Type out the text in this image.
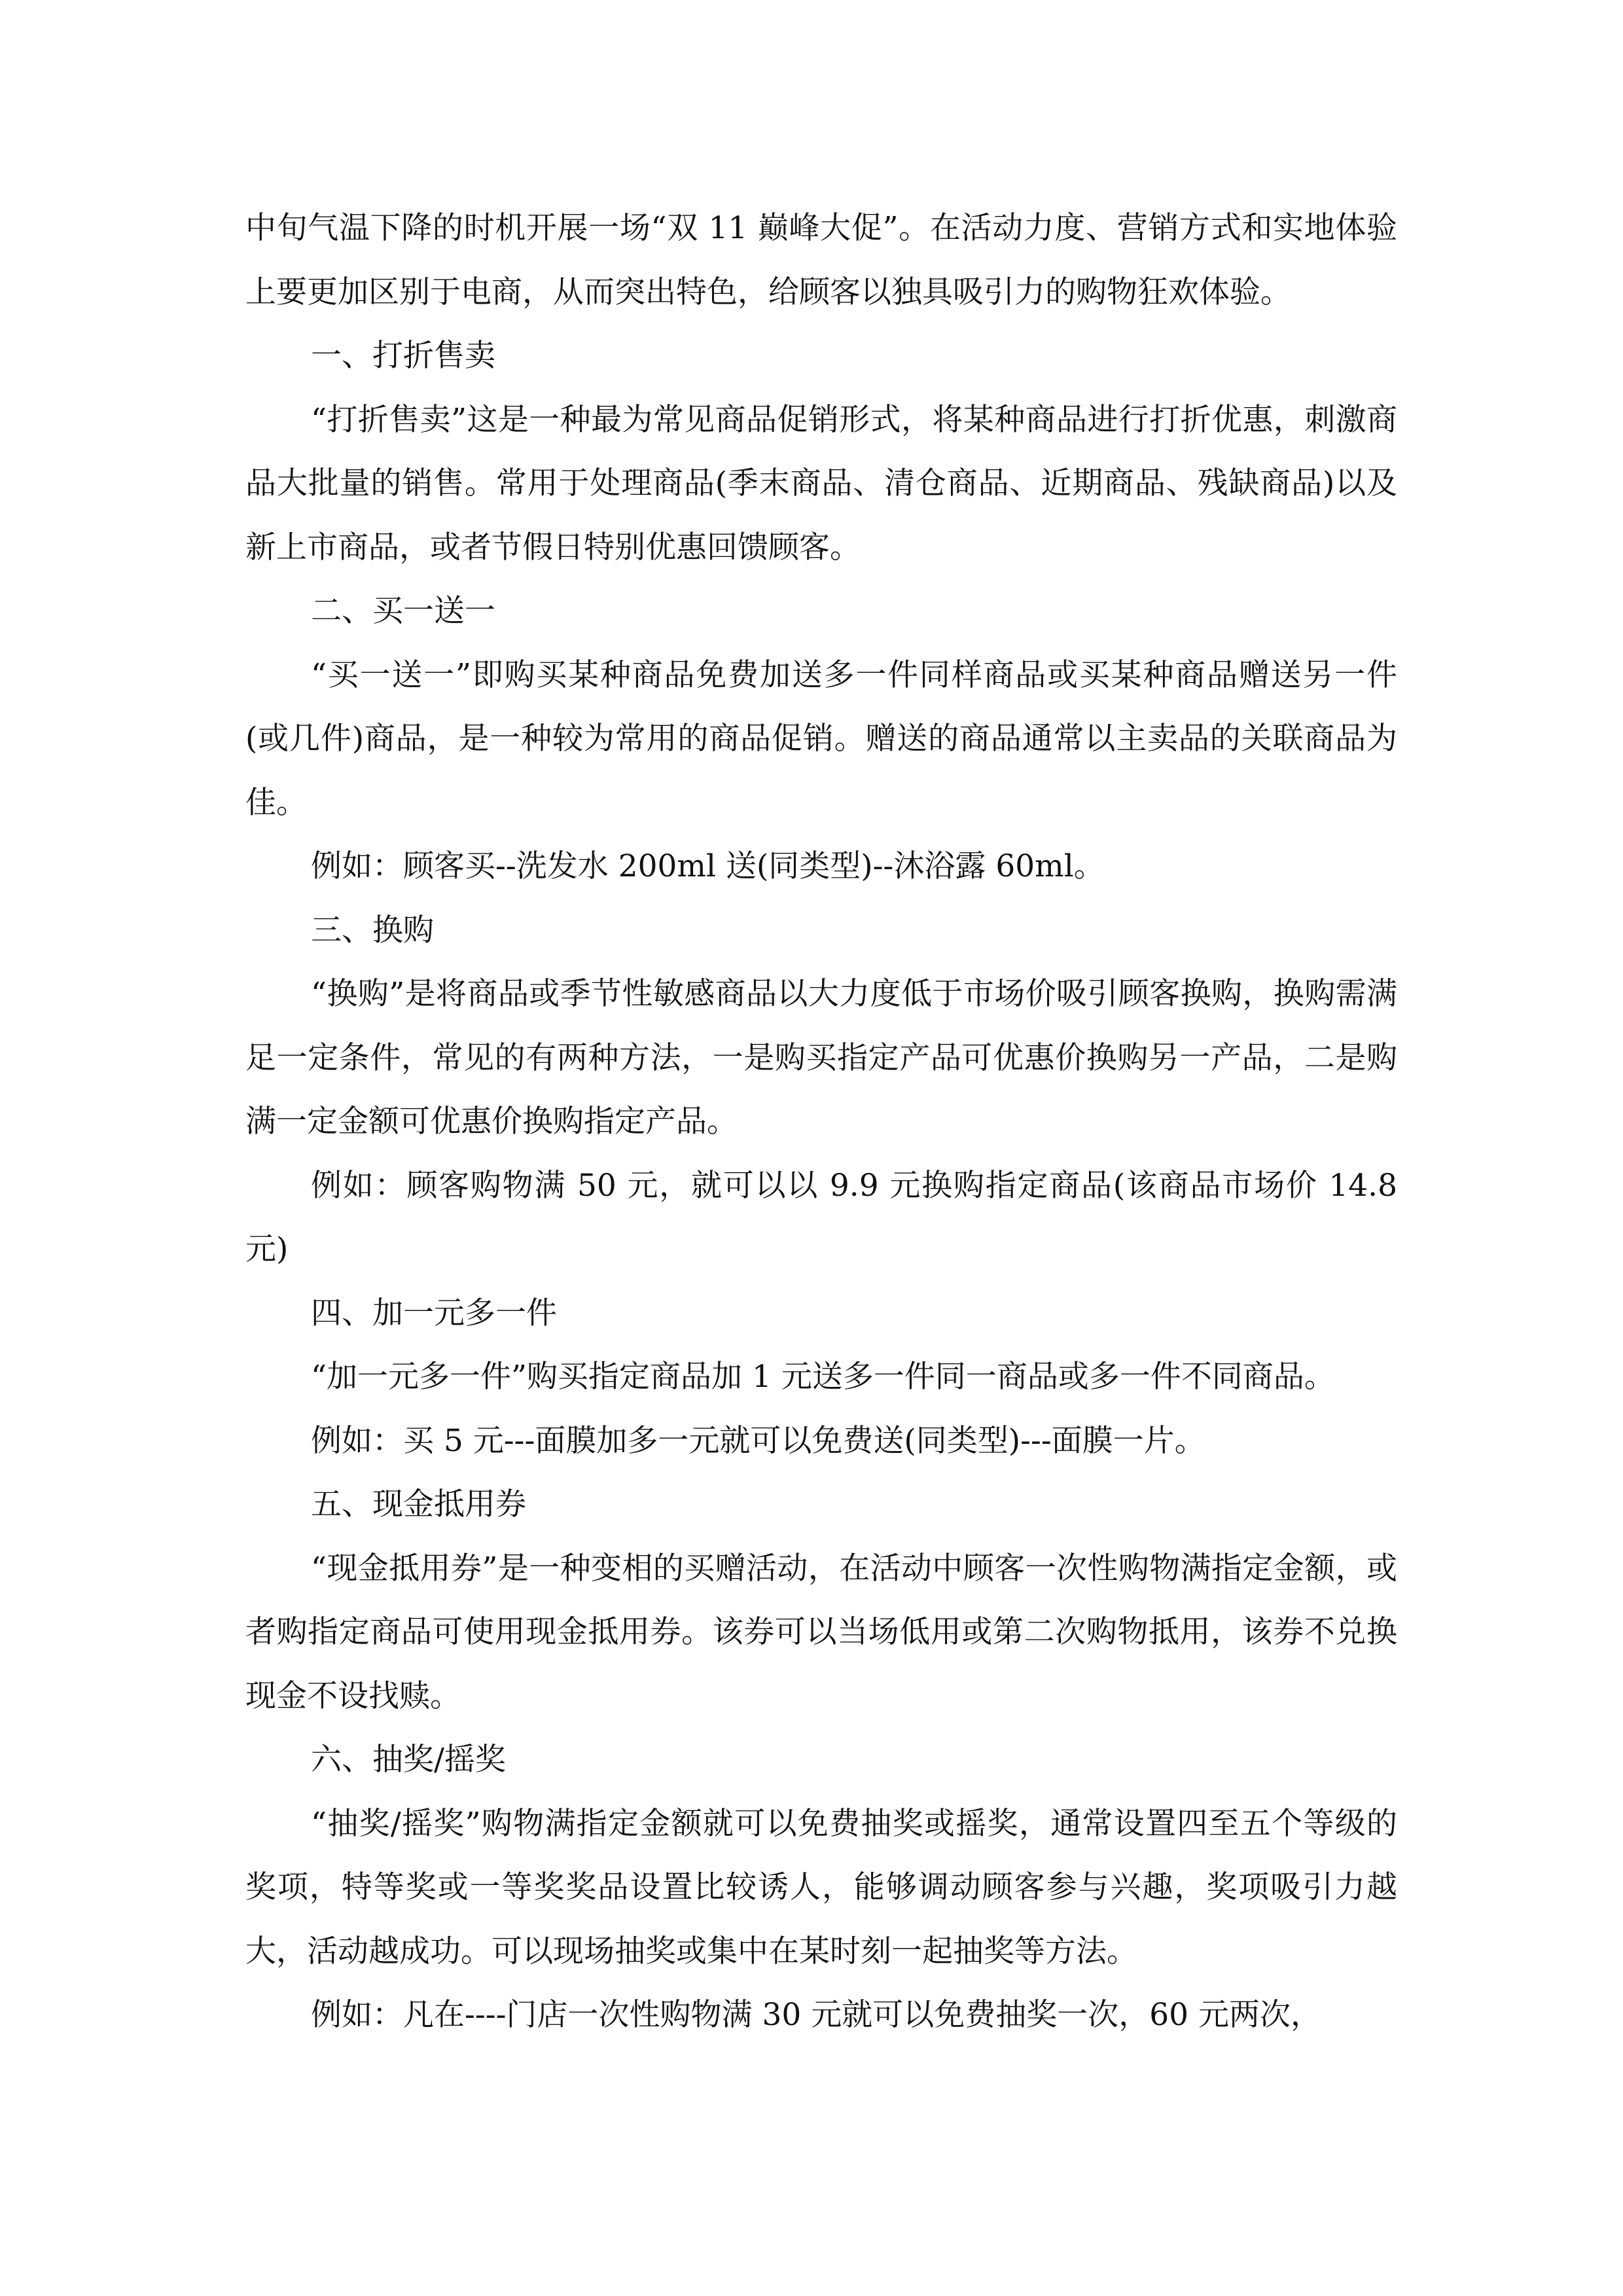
中旬气温下降的时机开展一场“双 11 巅峰大促”。在活动力度、营销方式和实地体验上要更加区别于电商，从而突出特色，给顾客以独具吸引力的购物狂欢体验。

一、打折售卖

“打折售卖”这是一种最为常见商品促销形式，将某种商品进行打折优惠，刺激商品大批量的销售。常用于处理商品(季末商品、清仓商品、近期商品、残缺商品)以及新上市商品，或者节假日特别优惠回馈顾客。

二、买一送一

“买一送一”即购买某种商品免费加送多一件同样商品或买某种商品赠送另一件(或几件)商品，是一种较为常用的商品促销。赠送的商品通常以主卖品的关联商品为佳。

例如：顾客买--洗发水 200ml 送(同类型)--沐浴露 60ml。

三、换购

“换购”是将商品或季节性敏感商品以大力度低于市场价吸引顾客换购，换购需满足一定条件，常见的有两种方法，一是购买指定产品可优惠价换购另一产品，二是购满一定金额可优惠价换购指定产品。

例如：顾客购物满 50 元，就可以以 9.9 元换购指定商品(该商品市场价 14.8 元)

四、加一元多一件

“加一元多一件”购买指定商品加 1 元送多一件同一商品或多一件不同商品。

例如：买 5 元---面膜加多一元就可以免费送(同类型)---面膜一片。

五、现金抵用券

“现金抵用券”是一种变相的买赠活动，在活动中顾客一次性购物满指定金额，或者购指定商品可使用现金抵用券。该券可以当场低用或第二次购物抵用，该券不兑换现金不设找赎。

六、抽奖/摇奖

“抽奖/摇奖”购物满指定金额就可以免费抽奖或摇奖，通常设置四至五个等级的奖项，特等奖或一等奖奖品设置比较诱人，能够调动顾客参与兴趣，奖项吸引力越大，活动越成功。可以现场抽奖或集中在某时刻一起抽奖等方法。

例如：凡在----门店一次性购物满 30 元就可以免费抽奖一次，60 元两次，
